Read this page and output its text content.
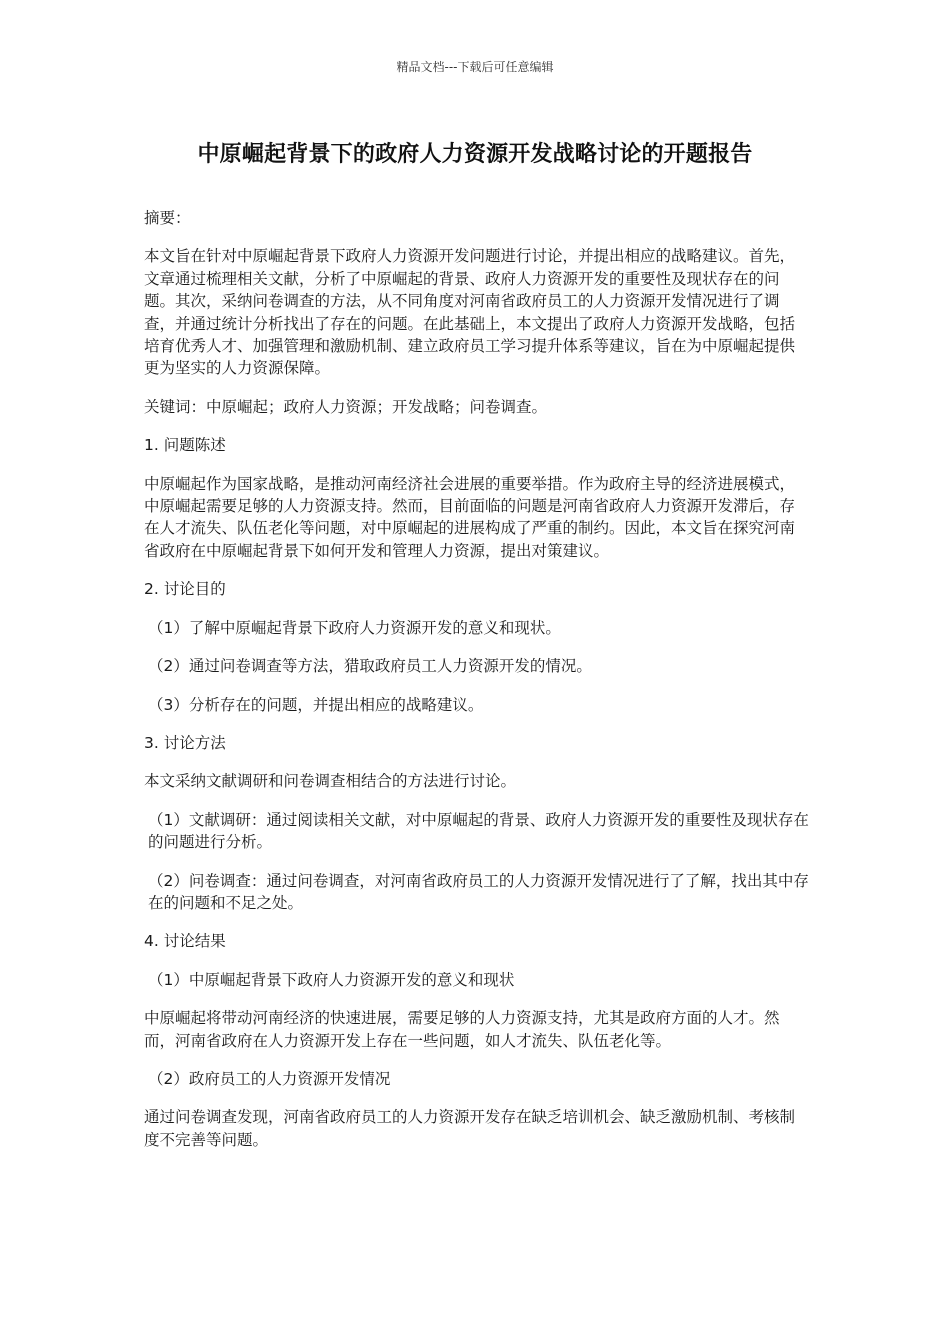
精品文档---下载后可任意编辑
中原崛起背景下的政府人力资源开发战略讨论的开题报告

摘要：

本文旨在针对中原崛起背景下政府人力资源开发问题进行讨论，并提出相应的战略建议。首先，文章通过梳理相关文献，分析了中原崛起的背景、政府人力资源开发的重要性及现状存在的问题。其次，采纳问卷调查的方法，从不同角度对河南省政府员工的人力资源开发情况进行了调查，并通过统计分析找出了存在的问题。在此基础上，本文提出了政府人力资源开发战略，包括培育优秀人才、加强管理和激励机制、建立政府员工学习提升体系等建议，旨在为中原崛起提供更为坚实的人力资源保障。

关键词：中原崛起；政府人力资源；开发战略；问卷调查。

1. 问题陈述

中原崛起作为国家战略，是推动河南经济社会进展的重要举措。作为政府主导的经济进展模式，中原崛起需要足够的人力资源支持。然而，目前面临的问题是河南省政府人力资源开发滞后，存在人才流失、队伍老化等问题，对中原崛起的进展构成了严重的制约。因此，本文旨在探究河南省政府在中原崛起背景下如何开发和管理人力资源，提出对策建议。

2. 讨论目的

（1）了解中原崛起背景下政府人力资源开发的意义和现状。

（2）通过问卷调查等方法，猎取政府员工人力资源开发的情况。

（3）分析存在的问题，并提出相应的战略建议。

3. 讨论方法

本文采纳文献调研和问卷调查相结合的方法进行讨论。

（1）文献调研：通过阅读相关文献，对中原崛起的背景、政府人力资源开发的重要性及现状存在的问题进行分析。

（2）问卷调查：通过问卷调查，对河南省政府员工的人力资源开发情况进行了了解，找出其中存在的问题和不足之处。

4. 讨论结果

（1）中原崛起背景下政府人力资源开发的意义和现状

中原崛起将带动河南经济的快速进展，需要足够的人力资源支持，尤其是政府方面的人才。然而，河南省政府在人力资源开发上存在一些问题，如人才流失、队伍老化等。

（2）政府员工的人力资源开发情况

通过问卷调查发现，河南省政府员工的人力资源开发存在缺乏培训机会、缺乏激励机制、考核制度不完善等问题。
